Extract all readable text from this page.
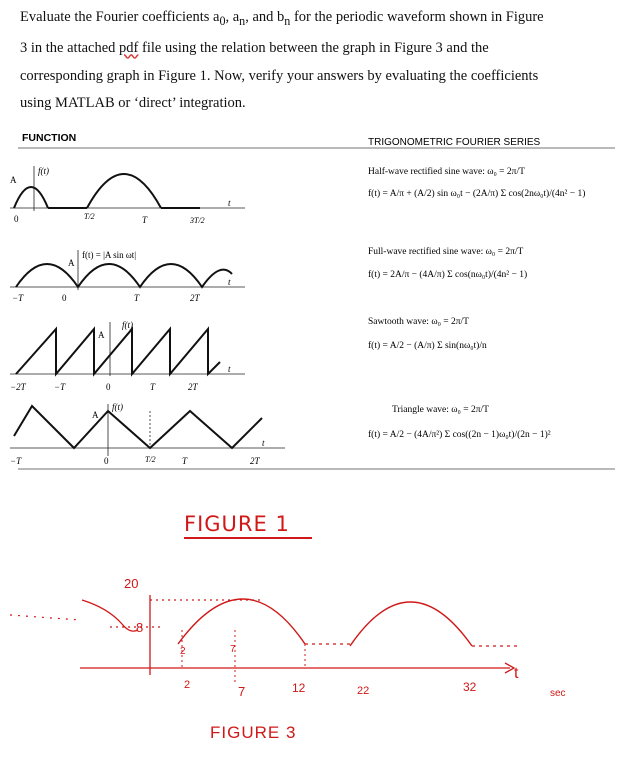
Evaluate the Fourier coefficients $a_0$, $a_n$, and $b_n$ for the periodic waveform shown in Figure

3 in the attached pdf file using the relation between the graph in Figure 3 and the

corresponding graph in Figure 1. Now, verify your answers by evaluating the coefficients

using MATLAB or ‘direct’ integration.

FUNCTION	TRIGONOMETRIC FOURIER SERIES
f(t)
A
0	T/2	T	3T/2
t
Half-wave rectified sine wave: ω₀ = 2π/T
f(t) = A/π + (A/2) sin ω₀t − (2A/π) Σ cos(2nω₀t)/(4n² − 1)
f(t) = |A sin ωt|
A
−T	0	T	2T
t
Full-wave rectified sine wave: ω₀ = 2π/T
f(t) = 2A/π − (4A/π) Σ cos(nω₀t)/(4n² − 1)
f(t)
A
−2T	−T	0	T	2T
t
Sawtooth wave: ω₀ = 2π/T
f(t) = A/2 − (A/π) Σ sin(nω₀t)/n
f(t)
A
−T	0	T/2	T	2T
t
Triangle wave: ω₀ = 2π/T
f(t) = A/2 − (4A/π²) Σ cos((2n − 1)ω₀t)/(2n − 1)²
FIGURE 1
20
8
2	7
2	7	12	22	32
t
sec
FIGURE 3
